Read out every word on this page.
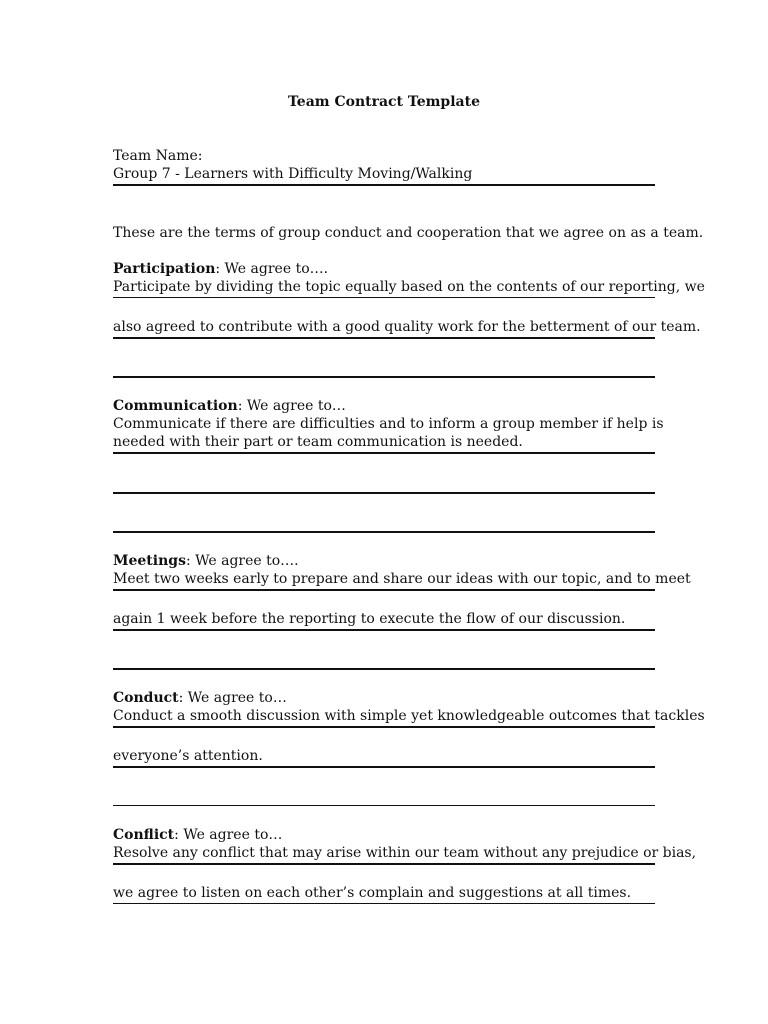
Team Contract Template
Team Name:
Group 7 - Learners with Difficulty Moving/Walking
These are the terms of group conduct and cooperation that we agree on as a team.
Participation: We agree to….
Participate by dividing the topic equally based on the contents of our reporting, we
also agreed to contribute with a good quality work for the betterment of our team.
Communication: We agree to…
Communicate if there are difficulties and to inform a group member if help is
needed with their part or team communication is needed.
Meetings: We agree to….
Meet two weeks early to prepare and share our ideas with our topic, and to meet
again 1 week before the reporting to execute the flow of our discussion.
Conduct: We agree to…
Conduct a smooth discussion with simple yet knowledgeable outcomes that tackles
everyone’s attention.
Conflict: We agree to…
Resolve any conflict that may arise within our team without any prejudice or bias,
we agree to listen on each other’s complain and suggestions at all times.
